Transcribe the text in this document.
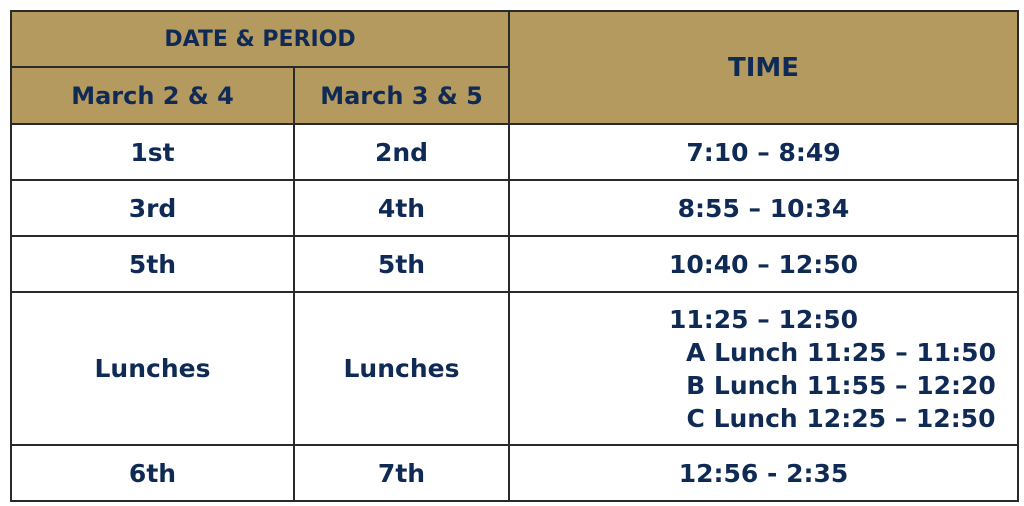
DATE & PERIOD		TIME
March 2 & 4	March 3 & 5	
1st	2nd	7:10 – 8:49
3rd	4th	8:55 – 10:34
5th	5th	10:40 – 12:50
Lunches	Lunches	11:25 – 12:50
A Lunch 11:25 – 11:50
B Lunch 11:55 – 12:20
C Lunch 12:25 – 12:50

6th	7th	12:56 - 2:35
